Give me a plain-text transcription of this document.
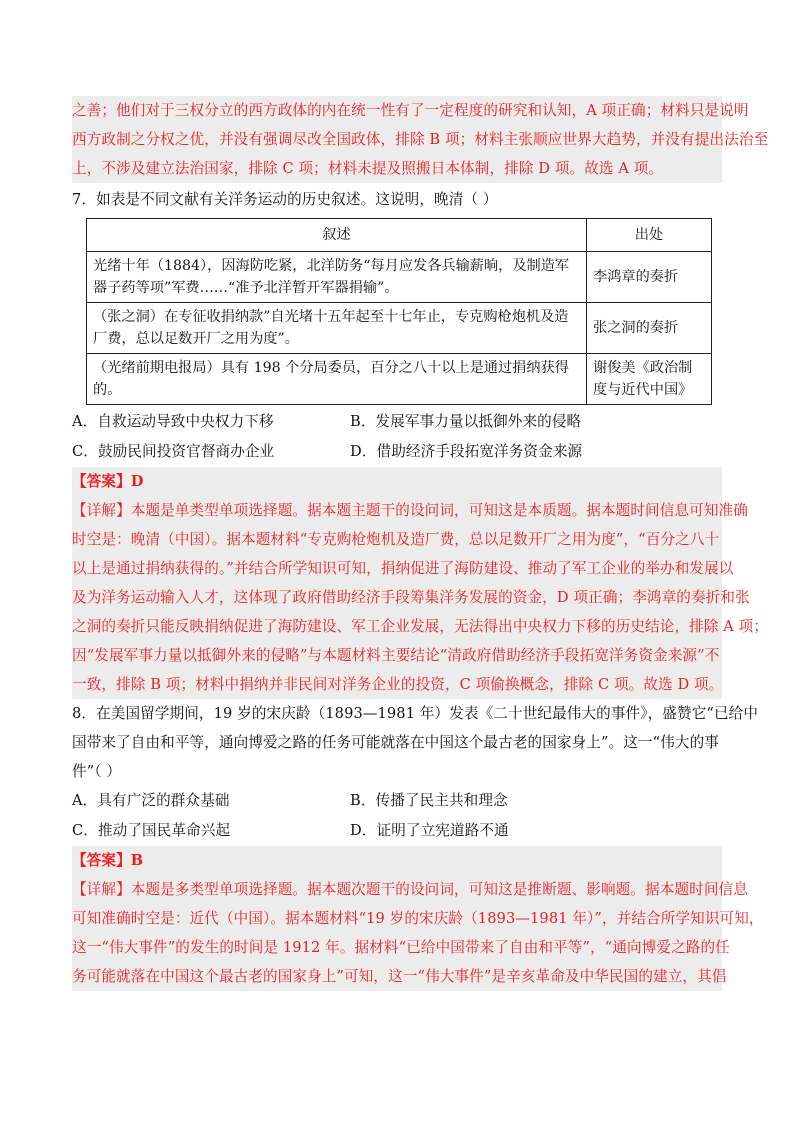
之善；他们对于三权分立的西方政体的内在统一性有了一定程度的研究和认知，A 项正确；材料只是说明
西方政制之分权之优，并没有强调尽改全国政体，排除 B 项；材料主张顺应世界大趋势，并没有提出法治至
上，不涉及建立法治国家，排除 C 项；材料未提及照搬日本体制，排除 D 项。故选 A 项。
7．如表是不同文献有关洋务运动的历史叙述。这说明，晚清（ ）
叙述	出处
光绪十年（1884），因海防吃紧，北洋防务“每月应发各兵输薪晌，及制造军器子药等项”军费……“准予北洋暂开军器捐输”。	李鸿章的奏折
（张之洞）在专征收捐纳款”自光堵十五年起至十七年止，专克购枪炮机及造厂费，总以足数开厂之用为度”。	张之洞的奏折
（光绪前期电报局）具有 198 个分局委员，百分之八十以上是通过捐纳获得的。	谢俊美《政治制度与近代中国》
A．自救运动导致中央权力下移	B．发展军事力量以抵御外来的侵略
C．鼓励民间投资官督商办企业	D．借助经济手段拓宽洋务资金来源
【答案】D
【详解】本题是单类型单项选择题。据本题主题干的设问词，可知这是本质题。据本题时间信息可知准确
时空是：晚清（中国）。据本题材料“专克购枪炮机及造厂费，总以足数开厂之用为度”，“百分之八十
以上是通过捐纳获得的。”并结合所学知识可知，捐纳促进了海防建设、推动了军工企业的举办和发展以
及为洋务运动输入人才，这体现了政府借助经济手段筹集洋务发展的资金，D 项正确；李鸿章的奏折和张
之洞的奏折只能反映捐纳促进了海防建设、军工企业发展，无法得出中央权力下移的历史结论，排除 A 项；
因“发展军事力量以抵御外来的侵略”与本题材料主要结论“清政府借助经济手段拓宽洋务资金来源”不
一致，排除 B 项；材料中捐纳并非民间对洋务企业的投资，C 项偷换概念，排除 C 项。故选 D 项。
8．在美国留学期间，19 岁的宋庆龄（1893—1981 年）发表《二十世纪最伟大的事件》，盛赞它“已给中
国带来了自由和平等，通向博爱之路的任务可能就落在中国这个最古老的国家身上”。这一“伟大的事
件”（ ）
A．具有广泛的群众基础	B．传播了民主共和理念
C．推动了国民革命兴起	D．证明了立宪道路不通
【答案】B
【详解】本题是多类型单项选择题。据本题次题干的设问词，可知这是推断题、影响题。据本题时间信息
可知准确时空是：近代（中国）。据本题材料“19 岁的宋庆龄（1893—1981 年）”，并结合所学知识可知，
这一“伟大事件”的发生的时间是 1912 年。据材料“已给中国带来了自由和平等”，“通向博爱之路的任
务可能就落在中国这个最古老的国家身上”可知，这一“伟大事件”是辛亥革命及中华民国的建立，其倡
